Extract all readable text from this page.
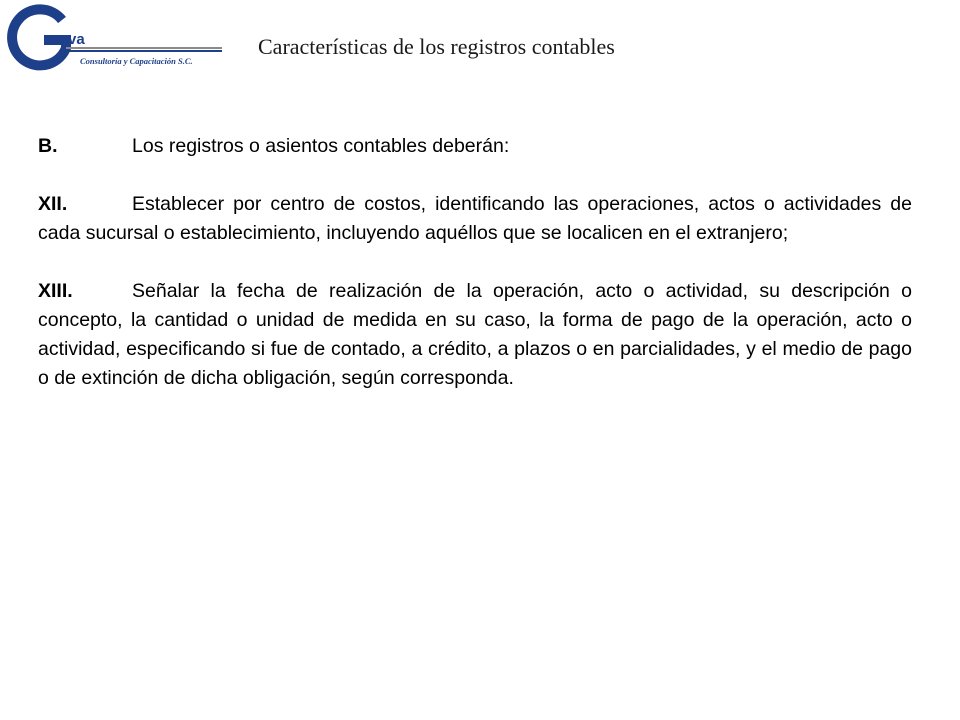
va
Consultoría y Capacitación S.C.
Características de los registros contables

B.	Los registros o asientos contables deberán:

XII.	Establecer por centro de costos, identificando las operaciones, actos o actividades de cada sucursal o establecimiento, incluyendo aquéllos que se localicen en el extranjero;

XIII.	Señalar la fecha de realización de la operación, acto o actividad, su descripción o concepto, la cantidad o unidad de medida en su caso, la forma de pago de la operación, acto o actividad, especificando si fue de contado, a crédito, a plazos o en parcialidades, y el medio de pago o de extinción de dicha obligación, según corresponda.
